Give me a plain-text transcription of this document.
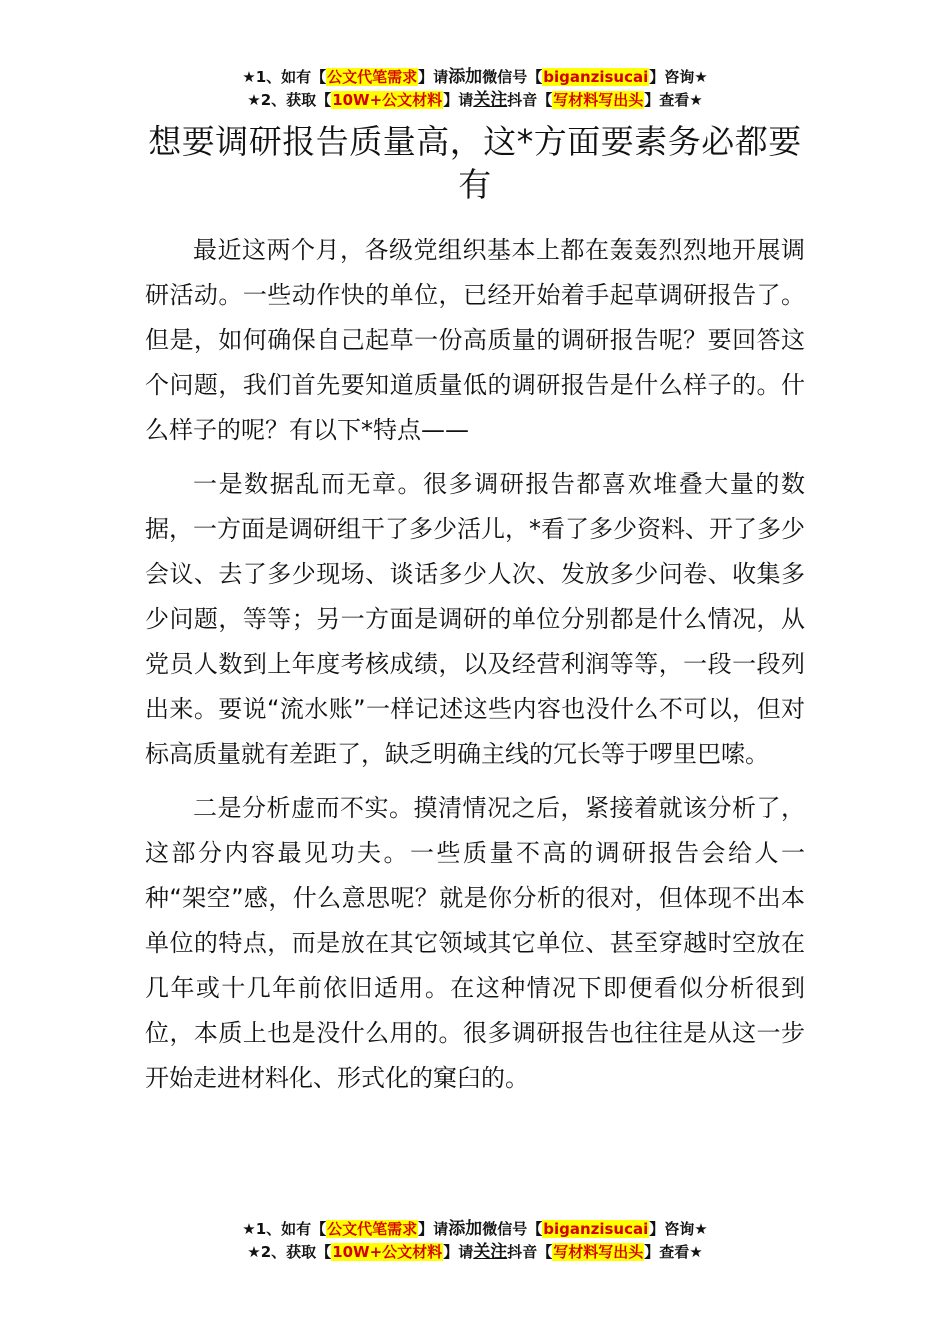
★1、如有【公文代笔需求】请添加微信号【biganzisucai】咨询★
★2、获取【10W+公文材料】请关注抖音【写材料写出头】查看★
想要调研报告质量高，这*方面要素务必都要有

最近这两个月，各级党组织基本上都在轰轰烈烈地开展调研活动。一些动作快的单位，已经开始着手起草调研报告了。但是，如何确保自己起草一份高质量的调研报告呢？要回答这个问题，我们首先要知道质量低的调研报告是什么样子的。什么样子的呢？有以下*特点——

一是数据乱而无章。很多调研报告都喜欢堆叠大量的数据，一方面是调研组干了多少活儿，*看了多少资料、开了多少会议、去了多少现场、谈话多少人次、发放多少问卷、收集多少问题，等等；另一方面是调研的单位分别都是什么情况，从党员人数到上年度考核成绩，以及经营利润等等，一段一段列出来。要说“流水账”一样记述这些内容也没什么不可以，但对标高质量就有差距了，缺乏明确主线的冗长等于啰里巴嗦。

二是分析虚而不实。摸清情况之后，紧接着就该分析了，这部分内容最见功夫。一些质量不高的调研报告会给人一种“架空”感，什么意思呢？就是你分析的很对，但体现不出本单位的特点，而是放在其它领域其它单位、甚至穿越时空放在几年或十几年前依旧适用。在这种情况下即便看似分析很到位，本质上也是没什么用的。很多调研报告也往往是从这一步开始走进材料化、形式化的窠臼的。

★1、如有【公文代笔需求】请添加微信号【biganzisucai】咨询★
★2、获取【10W+公文材料】请关注抖音【写材料写出头】查看★
